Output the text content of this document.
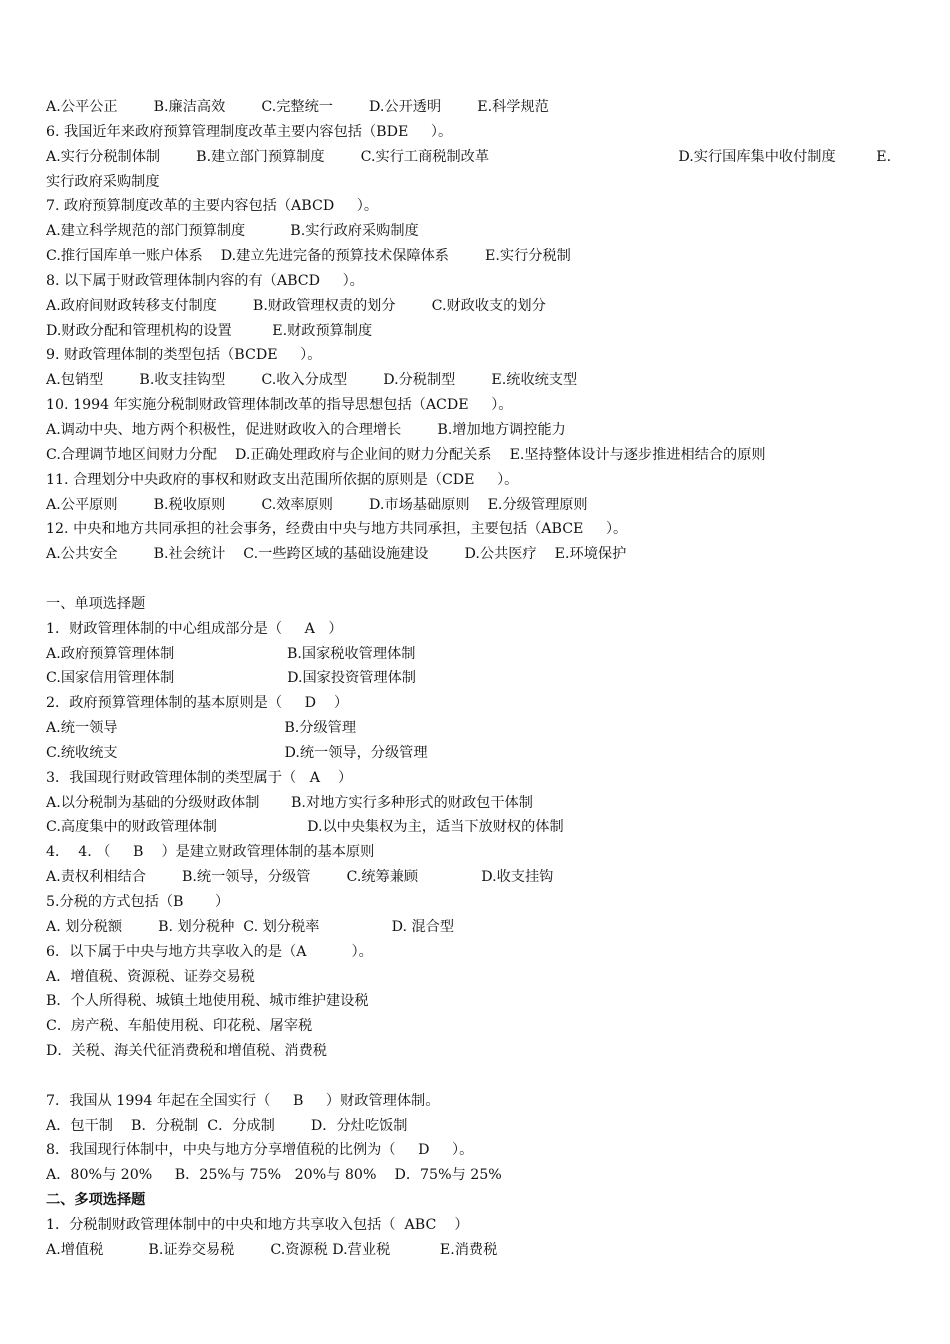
A.公平公正        B.廉洁高效        C.完整统一        D.公开透明        E.科学规范
6. 我国近年来政府预算管理制度改革主要内容包括（BDE     ）。
A.实行分税制体制        B.建立部门预算制度        C.实行工商税制改革                                          D.实行国库集中收付制度         E.
实行政府采购制度
7. 政府预算制度改革的主要内容包括（ABCD     ）。
A.建立科学规范的部门预算制度          B.实行政府采购制度
C.推行国库单一账户体系    D.建立先进完备的预算技术保障体系        E.实行分税制
8. 以下属于财政管理体制内容的有（ABCD     ）。
A.政府间财政转移支付制度        B.财政管理权责的划分        C.财政收支的划分
D.财政分配和管理机构的设置         E.财政预算制度
9. 财政管理体制的类型包括（BCDE     ）。
A.包销型        B.收支挂钩型        C.收入分成型        D.分税制型        E.统收统支型
10. 1994 年实施分税制财政管理体制改革的指导思想包括（ACDE     ）。
A.调动中央、地方两个积极性，促进财政收入的合理增长        B.增加地方调控能力
C.合理调节地区间财力分配    D.正确处理政府与企业间的财力分配关系    E.坚持整体设计与逐步推进相结合的原则
11. 合理划分中央政府的事权和财政支出范围所依据的原则是（CDE     ）。
A.公平原则        B.税收原则        C.效率原则        D.市场基础原则    E.分级管理原则
12. 中央和地方共同承担的社会事务，经费由中央与地方共同承担，主要包括（ABCE     ）。
A.公共安全        B.社会统计    C.一些跨区域的基础设施建设        D.公共医疗    E.环境保护
一、单项选择题
1．财政管理体制的中心组成部分是（     A   ）
A.政府预算管理体制                         B.国家税收管理体制
C.国家信用管理体制                         D.国家投资管理体制
2．政府预算管理体制的基本原则是（     D    ）
A.统一领导                                     B.分级管理
C.统收统支                                     D.统一领导，分级管理
3．我国现行财政管理体制的类型属于（   A    ）
A.以分税制为基础的分级财政体制       B.对地方实行多种形式的财政包干体制
C.高度集中的财政管理体制                    D.以中央集权为主，适当下放财权的体制
4．  4. （     B    ）是建立财政管理体制的基本原则
A.责权利相结合        B.统一领导，分级管        C.统筹兼顾              D.收支挂钩
5.分税的方式包括（B       ）
A. 划分税额        B. 划分税种  C. 划分税率                D. 混合型
6．以下属于中央与地方共享收入的是（A          ）。
A．增值税、资源税、证券交易税
B．个人所得税、城镇土地使用税、城市维护建设税
C．房产税、车船使用税、印花税、屠宰税
D．关税、海关代征消费税和增值税、消费税
7．我国从 1994 年起在全国实行（     B     ）财政管理体制。
A．包干制    B．分税制  C．分成制        D．分灶吃饭制
8．我国现行体制中，中央与地方分享增值税的比例为（     D     ）。
A．80%与 20%     B．25%与 75%   20%与 80%    D．75%与 25%
二、多项选择题
1．分税制财政管理体制中的中央和地方共享收入包括（  ABC    ）
A.增值税          B.证券交易税        C.资源税 D.营业税           E.消费税
